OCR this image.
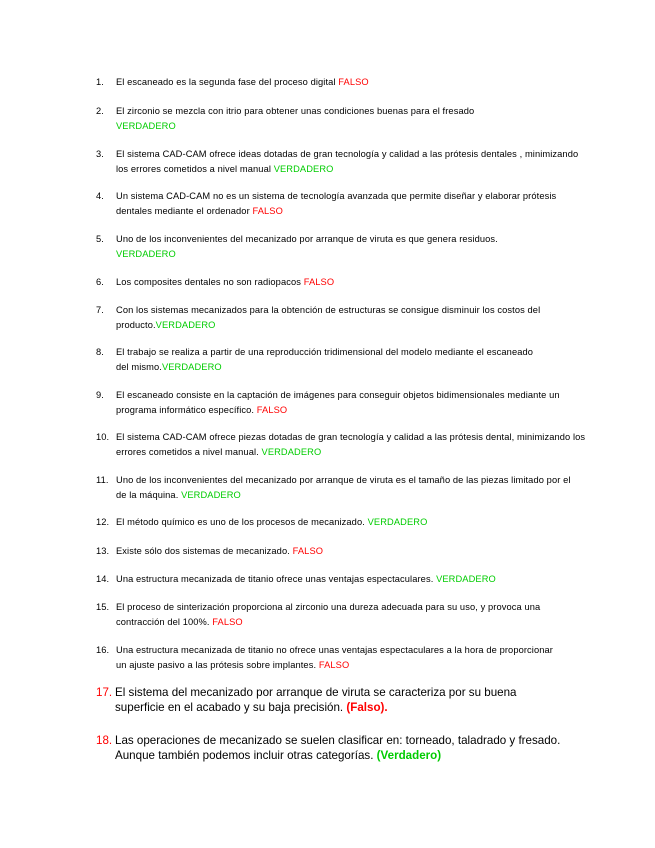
1. El escaneado es la segunda fase del proceso digital FALSO
2. El zirconio se mezcla con itrio para obtener unas condiciones buenas para el fresado VERDADERO
3. El sistema CAD-CAM ofrece ideas dotadas de gran tecnología y calidad a las prótesis dentales , minimizando los errores cometidos a nivel manual VERDADERO
4. Un sistema CAD-CAM no es un sistema de tecnología avanzada que permite diseñar y elaborar prótesis dentales mediante el ordenador FALSO
5. Uno de los inconvenientes del mecanizado por arranque de viruta es que genera residuos. VERDADERO
6. Los composites dentales no son radiopacos FALSO
7. Con los sistemas mecanizados para la obtención de estructuras se consigue disminuir los costos del producto.VERDADERO
8. El trabajo se realiza a partir de una reproducción tridimensional del modelo mediante el escaneado del mismo.VERDADERO
9. El escaneado consiste en la captación de imágenes para conseguir objetos bidimensionales mediante un programa informático específico. FALSO
10. El sistema CAD-CAM ofrece piezas dotadas de gran tecnología y calidad a las prótesis dental, minimizando los errores cometidos a nivel manual. VERDADERO
11. Uno de los inconvenientes del mecanizado por arranque de viruta es el tamaño de las piezas limitado por el de la máquina. VERDADERO
12. El método químico es uno de los procesos de mecanizado. VERDADERO
13. Existe sólo dos sistemas de mecanizado. FALSO
14. Una estructura mecanizada de titanio ofrece unas ventajas espectaculares. VERDADERO
15. El proceso de sinterización proporciona al zirconio una dureza adecuada para su uso, y provoca una contracción del 100%. FALSO
16. Una estructura mecanizada de titanio no ofrece unas ventajas espectaculares a la hora de proporcionar un ajuste pasivo a las prótesis sobre implantes. FALSO
17. El sistema del mecanizado por arranque de viruta se caracteriza por su buena superficie en el acabado y su baja precisión. (Falso).
18. Las operaciones de mecanizado se suelen clasificar en: torneado, taladrado y fresado. Aunque también podemos incluir otras categorías. (Verdadero)
